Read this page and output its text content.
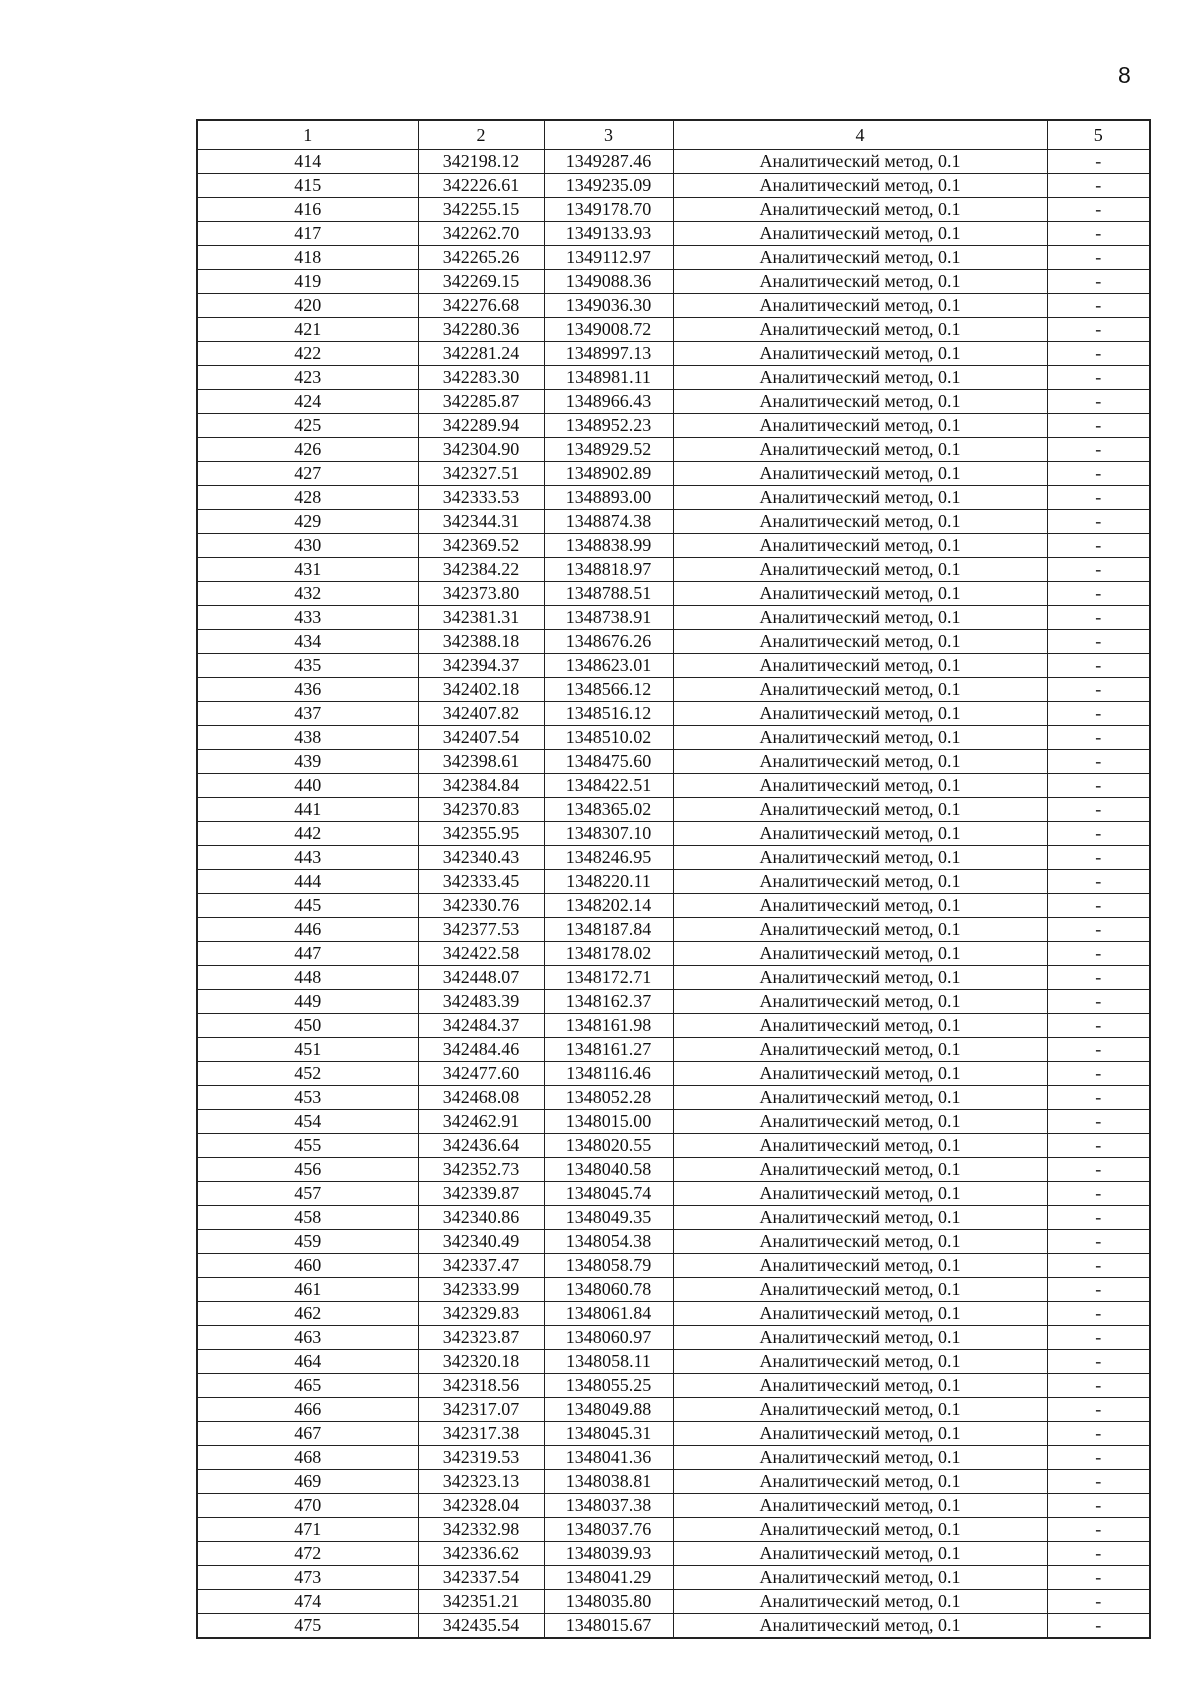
8
1	2	3	4	5
414	342198.12	1349287.46	Аналитический метод, 0.1	-
415	342226.61	1349235.09	Аналитический метод, 0.1	-
416	342255.15	1349178.70	Аналитический метод, 0.1	-
417	342262.70	1349133.93	Аналитический метод, 0.1	-
418	342265.26	1349112.97	Аналитический метод, 0.1	-
419	342269.15	1349088.36	Аналитический метод, 0.1	-
420	342276.68	1349036.30	Аналитический метод, 0.1	-
421	342280.36	1349008.72	Аналитический метод, 0.1	-
422	342281.24	1348997.13	Аналитический метод, 0.1	-
423	342283.30	1348981.11	Аналитический метод, 0.1	-
424	342285.87	1348966.43	Аналитический метод, 0.1	-
425	342289.94	1348952.23	Аналитический метод, 0.1	-
426	342304.90	1348929.52	Аналитический метод, 0.1	-
427	342327.51	1348902.89	Аналитический метод, 0.1	-
428	342333.53	1348893.00	Аналитический метод, 0.1	-
429	342344.31	1348874.38	Аналитический метод, 0.1	-
430	342369.52	1348838.99	Аналитический метод, 0.1	-
431	342384.22	1348818.97	Аналитический метод, 0.1	-
432	342373.80	1348788.51	Аналитический метод, 0.1	-
433	342381.31	1348738.91	Аналитический метод, 0.1	-
434	342388.18	1348676.26	Аналитический метод, 0.1	-
435	342394.37	1348623.01	Аналитический метод, 0.1	-
436	342402.18	1348566.12	Аналитический метод, 0.1	-
437	342407.82	1348516.12	Аналитический метод, 0.1	-
438	342407.54	1348510.02	Аналитический метод, 0.1	-
439	342398.61	1348475.60	Аналитический метод, 0.1	-
440	342384.84	1348422.51	Аналитический метод, 0.1	-
441	342370.83	1348365.02	Аналитический метод, 0.1	-
442	342355.95	1348307.10	Аналитический метод, 0.1	-
443	342340.43	1348246.95	Аналитический метод, 0.1	-
444	342333.45	1348220.11	Аналитический метод, 0.1	-
445	342330.76	1348202.14	Аналитический метод, 0.1	-
446	342377.53	1348187.84	Аналитический метод, 0.1	-
447	342422.58	1348178.02	Аналитический метод, 0.1	-
448	342448.07	1348172.71	Аналитический метод, 0.1	-
449	342483.39	1348162.37	Аналитический метод, 0.1	-
450	342484.37	1348161.98	Аналитический метод, 0.1	-
451	342484.46	1348161.27	Аналитический метод, 0.1	-
452	342477.60	1348116.46	Аналитический метод, 0.1	-
453	342468.08	1348052.28	Аналитический метод, 0.1	-
454	342462.91	1348015.00	Аналитический метод, 0.1	-
455	342436.64	1348020.55	Аналитический метод, 0.1	-
456	342352.73	1348040.58	Аналитический метод, 0.1	-
457	342339.87	1348045.74	Аналитический метод, 0.1	-
458	342340.86	1348049.35	Аналитический метод, 0.1	-
459	342340.49	1348054.38	Аналитический метод, 0.1	-
460	342337.47	1348058.79	Аналитический метод, 0.1	-
461	342333.99	1348060.78	Аналитический метод, 0.1	-
462	342329.83	1348061.84	Аналитический метод, 0.1	-
463	342323.87	1348060.97	Аналитический метод, 0.1	-
464	342320.18	1348058.11	Аналитический метод, 0.1	-
465	342318.56	1348055.25	Аналитический метод, 0.1	-
466	342317.07	1348049.88	Аналитический метод, 0.1	-
467	342317.38	1348045.31	Аналитический метод, 0.1	-
468	342319.53	1348041.36	Аналитический метод, 0.1	-
469	342323.13	1348038.81	Аналитический метод, 0.1	-
470	342328.04	1348037.38	Аналитический метод, 0.1	-
471	342332.98	1348037.76	Аналитический метод, 0.1	-
472	342336.62	1348039.93	Аналитический метод, 0.1	-
473	342337.54	1348041.29	Аналитический метод, 0.1	-
474	342351.21	1348035.80	Аналитический метод, 0.1	-
475	342435.54	1348015.67	Аналитический метод, 0.1	-
